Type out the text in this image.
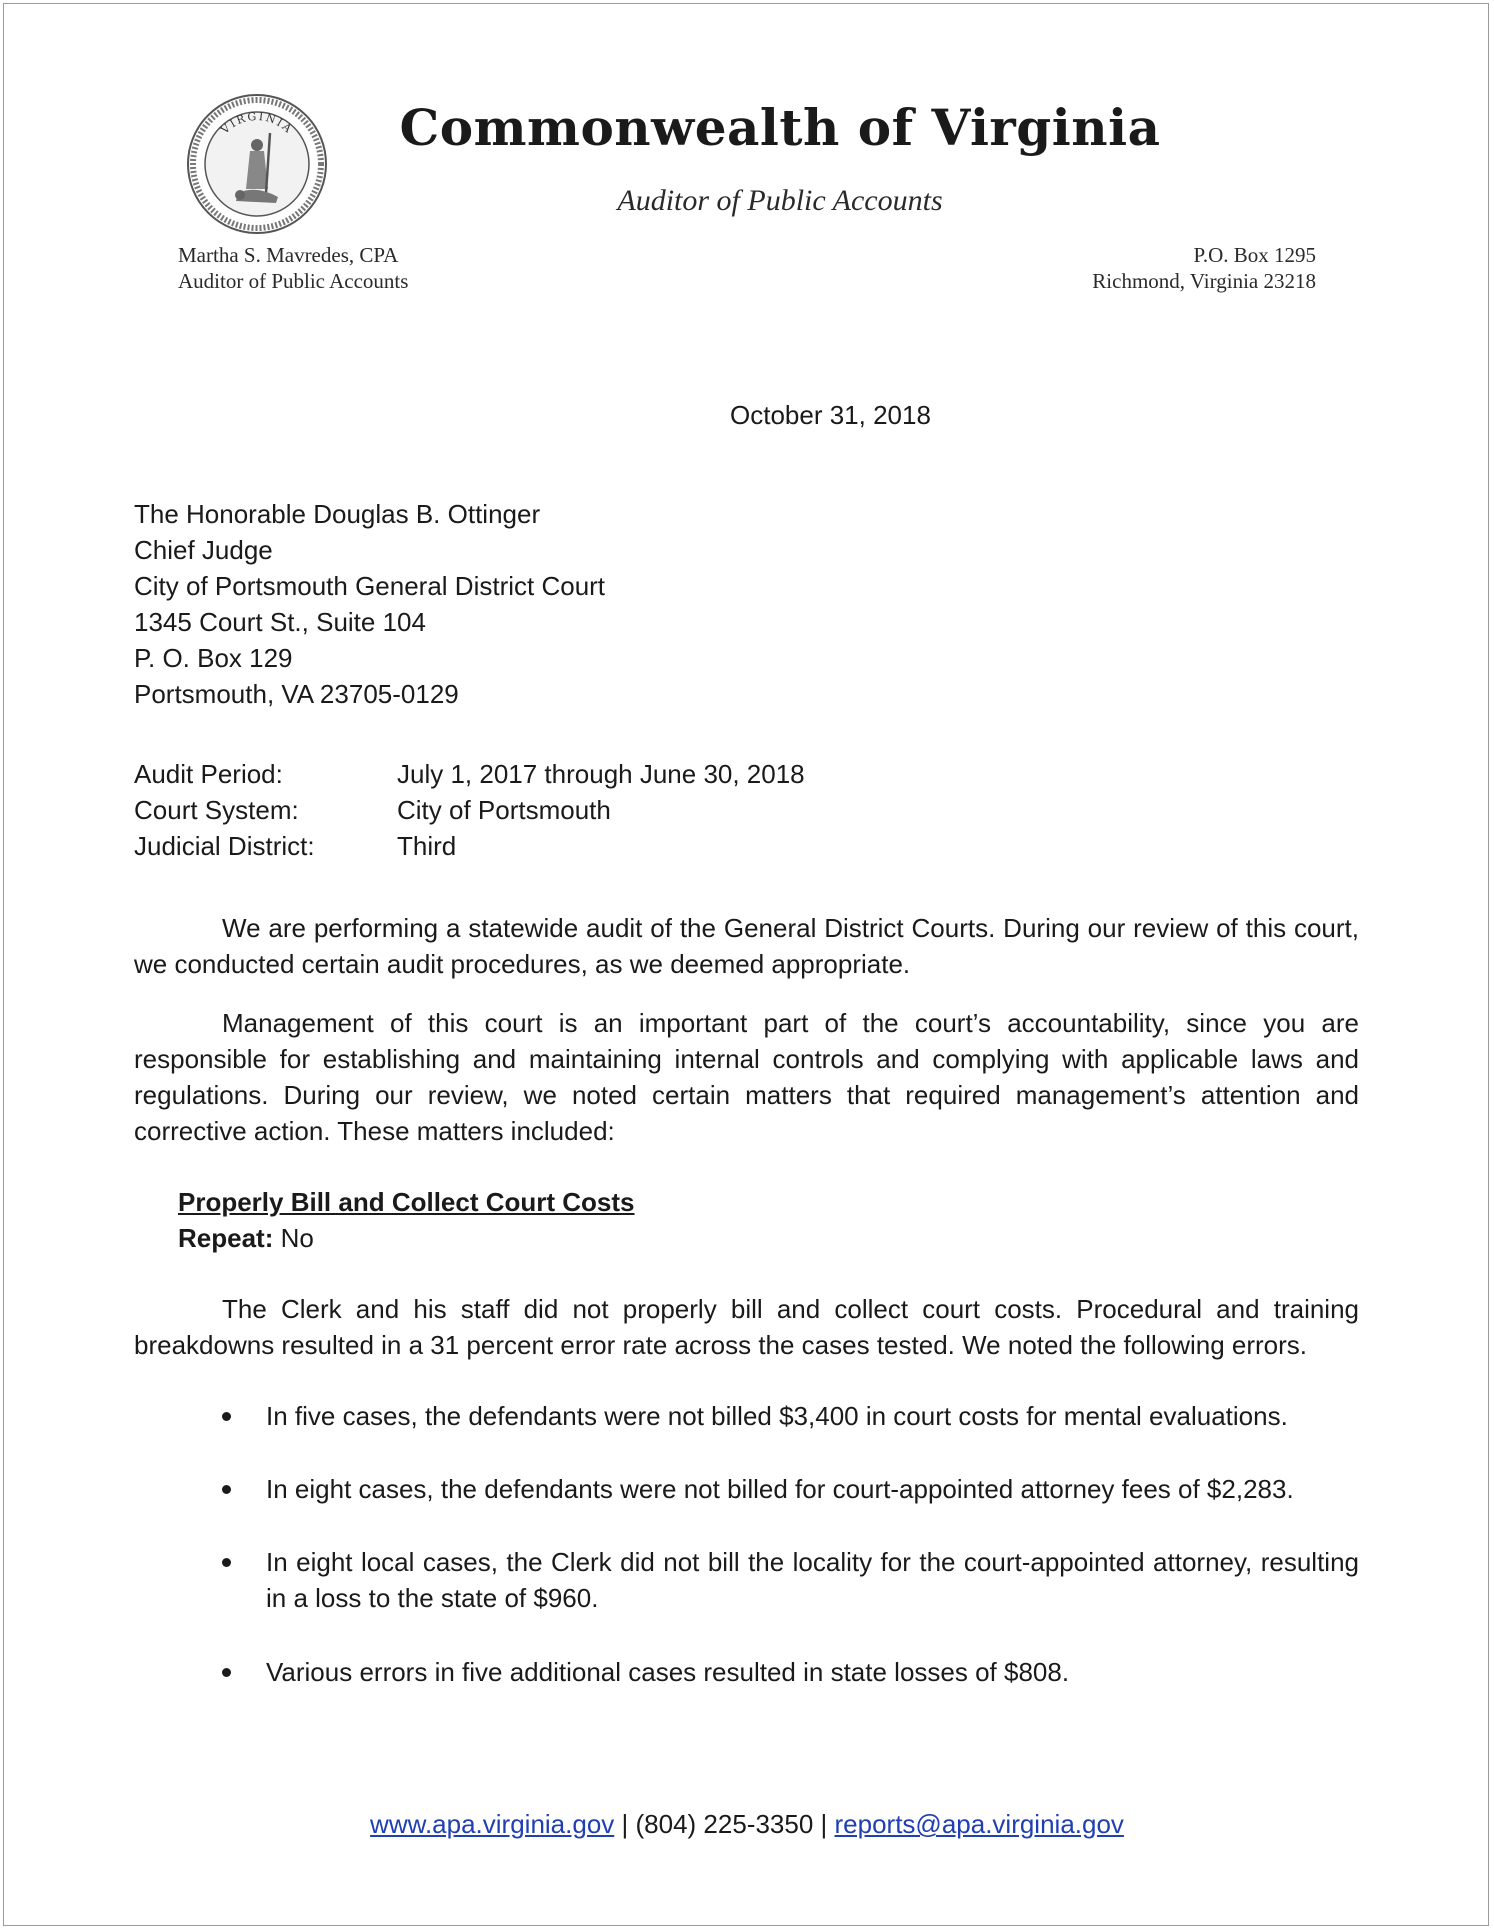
VIRGINIA	Commonwealth of Virginia
Auditor of Public Accounts
Martha S. Mavredes, CPA
Auditor of Public Accounts
P.O. Box 1295
Richmond, Virginia 23218
October 31, 2018
The Honorable Douglas B. Ottinger
Chief Judge
City of Portsmouth General District Court
1345 Court St., Suite 104
P. O. Box 129
Portsmouth, VA 23705-0129
Audit Period:	July 1, 2017 through June 30, 2018
Court System:	City of Portsmouth
Judicial District:	Third
We are performing a statewide audit of the General District Courts. During our review of this court, we conducted certain audit procedures, as we deemed appropriate.
Management of this court is an important part of the court’s accountability, since you are responsible for establishing and maintaining internal controls and complying with applicable laws and regulations. During our review, we noted certain matters that required management’s attention and corrective action. These matters included:
Properly Bill and Collect Court Costs
Repeat: No
The Clerk and his staff did not properly bill and collect court costs. Procedural and training breakdowns resulted in a 31 percent error rate across the cases tested. We noted the following errors.
In five cases, the defendants were not billed $3,400 in court costs for mental evaluations.
In eight cases, the defendants were not billed for court-appointed attorney fees of $2,283.
In eight local cases, the Clerk did not bill the locality for the court-appointed attorney, resulting in a loss to the state of $960.
Various errors in five additional cases resulted in state losses of $808.
www.apa.virginia.gov | (804) 225-3350 | reports@apa.virginia.gov
